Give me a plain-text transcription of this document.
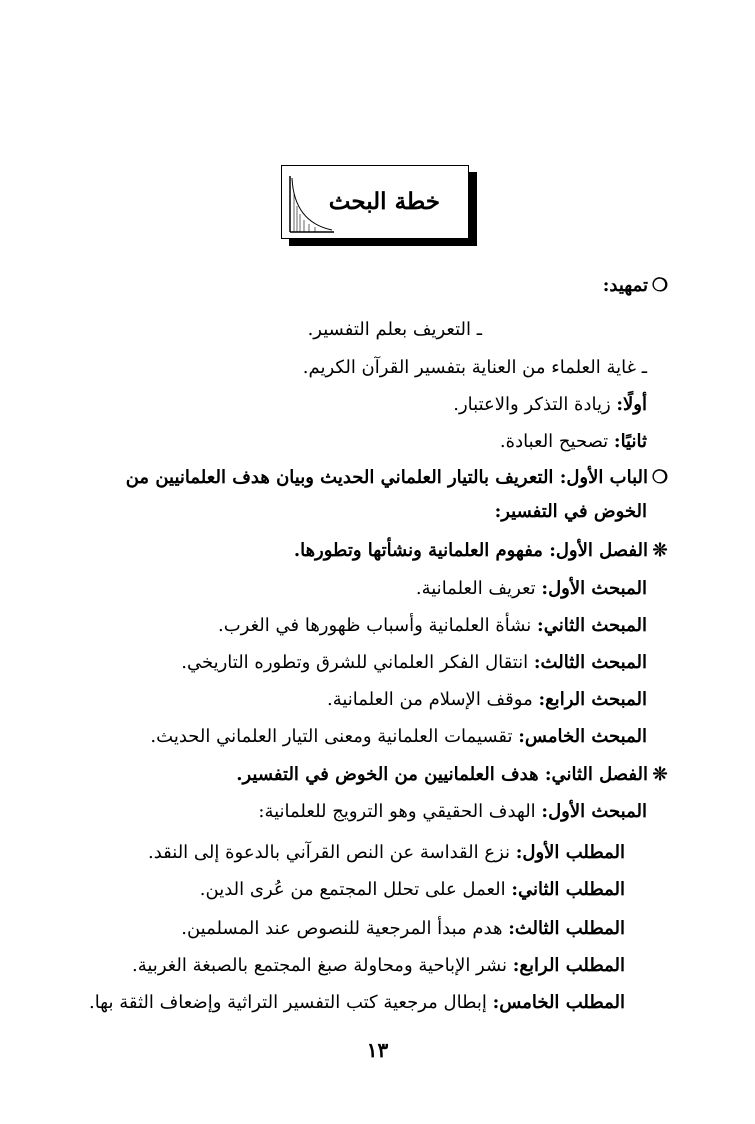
خطة البحث
❍تمهيد:
ـ التعريف بعلم التفسير.
ـ غاية العلماء من العناية بتفسير القرآن الكريم.
أولًا: زيادة التذكر والاعتبار.
ثانيًا: تصحيح العبادة.
❍الباب الأول: التعريف بالتيار العلماني الحديث وبيان هدف العلمانيين من
الخوض في التفسير:
❊الفصل الأول: مفهوم العلمانية ونشأتها وتطورها.
المبحث الأول: تعريف العلمانية.
المبحث الثاني: نشأة العلمانية وأسباب ظهورها في الغرب.
المبحث الثالث: انتقال الفكر العلماني للشرق وتطوره التاريخي.
المبحث الرابع: موقف الإسلام من العلمانية.
المبحث الخامس: تقسيمات العلمانية ومعنى التيار العلماني الحديث.
❊الفصل الثاني: هدف العلمانيين من الخوض في التفسير.
المبحث الأول: الهدف الحقيقي وهو الترويج للعلمانية:
المطلب الأول: نزع القداسة عن النص القرآني بالدعوة إلى النقد.
المطلب الثاني: العمل على تحلل المجتمع من عُرى الدين.
المطلب الثالث: هدم مبدأ المرجعية للنصوص عند المسلمين.
المطلب الرابع: نشر الإباحية ومحاولة صبغ المجتمع بالصبغة الغربية.
المطلب الخامس: إبطال مرجعية كتب التفسير التراثية وإضعاف الثقة بها.
١٣
